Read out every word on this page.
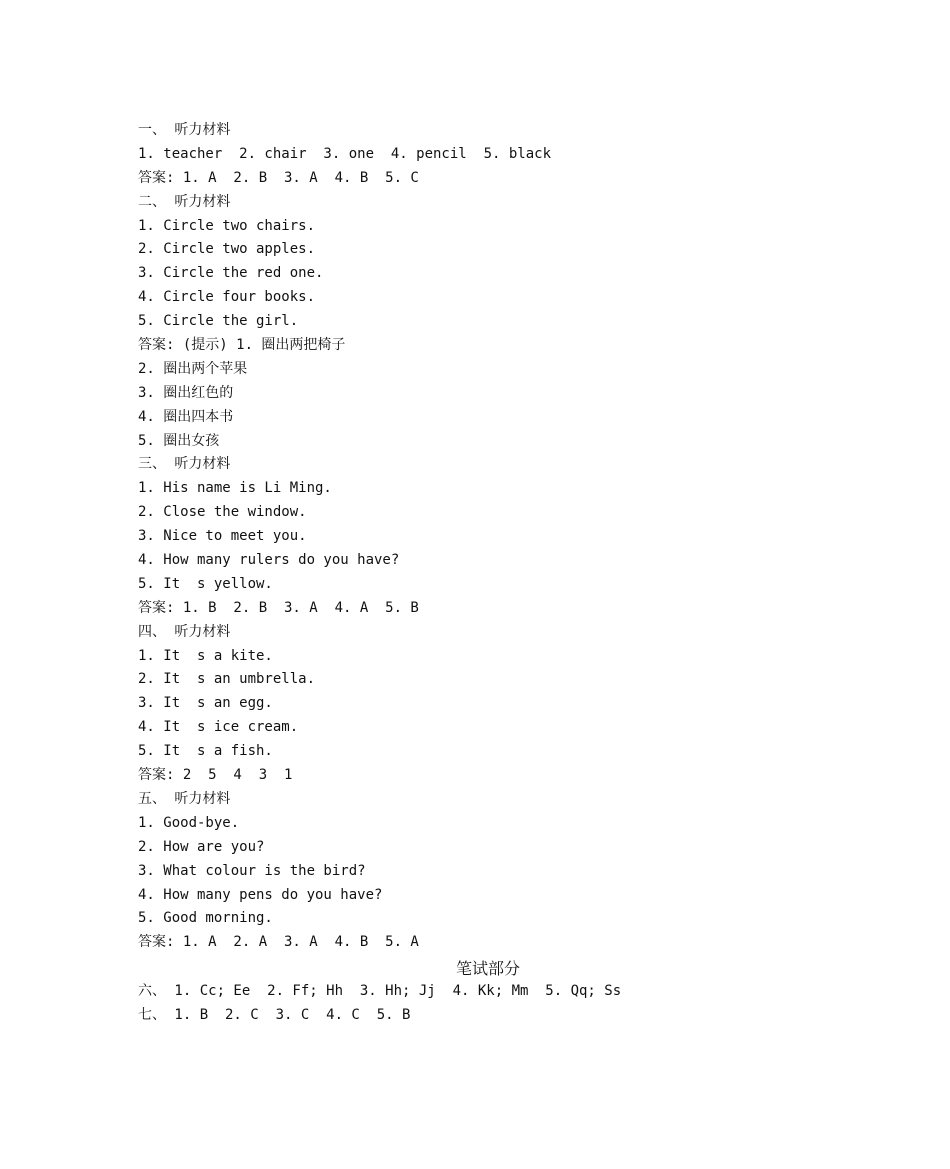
一、 听力材料
1. teacher  2. chair  3. one  4. pencil  5. black
答案: 1. A  2. B  3. A  4. B  5. C
二、 听力材料
1. Circle two chairs.
2. Circle two apples.
3. Circle the red one.
4. Circle four books.
5. Circle the girl.
答案: (提示) 1. 圈出两把椅子
2. 圈出两个苹果
3. 圈出红色的
4. 圈出四本书
5. 圈出女孩
三、 听力材料
1. His name is Li Ming.
2. Close the window.
3. Nice to meet you.
4. How many rulers do you have?
5. It  s yellow.
答案: 1. B  2. B  3. A  4. A  5. B
四、 听力材料
1. It  s a kite.
2. It  s an umbrella.
3. It  s an egg.
4. It  s ice cream.
5. It  s a fish.
答案: 2  5  4  3  1
五、 听力材料
1. Good-bye.
2. How are you?
3. What colour is the bird?
4. How many pens do you have?
5. Good morning.
答案: 1. A  2. A  3. A  4. B  5. A
笔试部分
六、 1. Cc; Ee  2. Ff; Hh  3. Hh; Jj  4. Kk; Mm  5. Qq; Ss
七、 1. B  2. C  3. C  4. C  5. B
